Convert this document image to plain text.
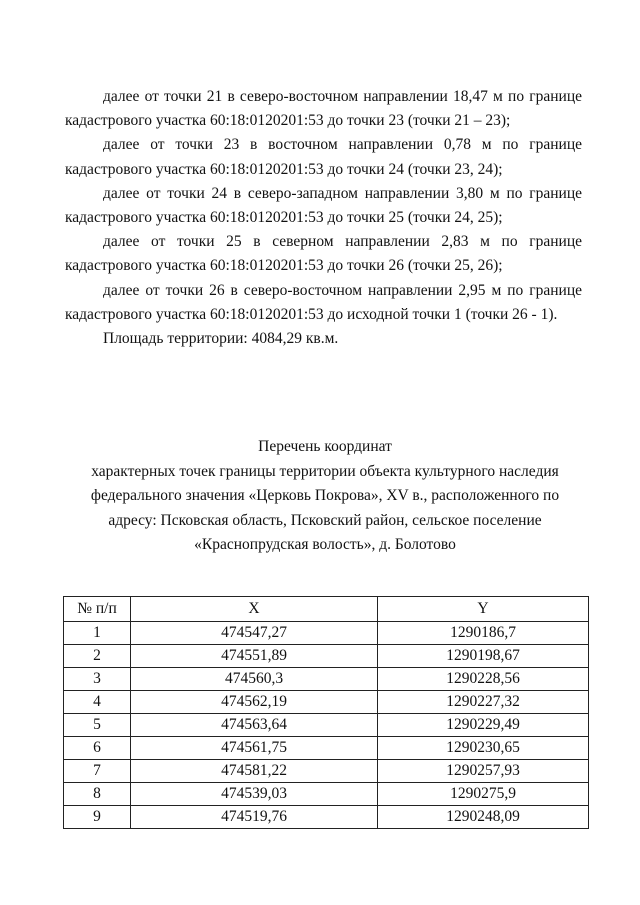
далее от точки 21 в северо-восточном направлении 18,47 м по границе кадастрового участка 60:18:0120201:53 до точки 23 (точки 21 – 23);

далее от точки 23 в восточном направлении 0,78 м по границе кадастрового участка 60:18:0120201:53 до точки 24 (точки 23, 24);

далее от точки 24 в северо-западном направлении 3,80 м по границе кадастрового участка 60:18:0120201:53 до точки 25 (точки 24, 25);

далее от точки 25 в северном направлении 2,83 м по границе кадастрового участка 60:18:0120201:53 до точки 26 (точки 25, 26);

далее от точки 26 в северо-восточном направлении 2,95 м по границе кадастрового участка 60:18:0120201:53 до исходной точки 1 (точки 26 - 1).

Площадь территории: 4084,29 кв.м.

Перечень координат
характерных точек границы территории объекта культурного наследия
федерального значения «Церковь Покрова», XV в., расположенного по
адресу: Псковская область, Псковский район, сельское поселение
«Краснопрудская волость», д. Болотово
№ п/п	X	Y
1	474547,27	1290186,7
2	474551,89	1290198,67
3	474560,3	1290228,56
4	474562,19	1290227,32
5	474563,64	1290229,49
6	474561,75	1290230,65
7	474581,22	1290257,93
8	474539,03	1290275,9
9	474519,76	1290248,09
